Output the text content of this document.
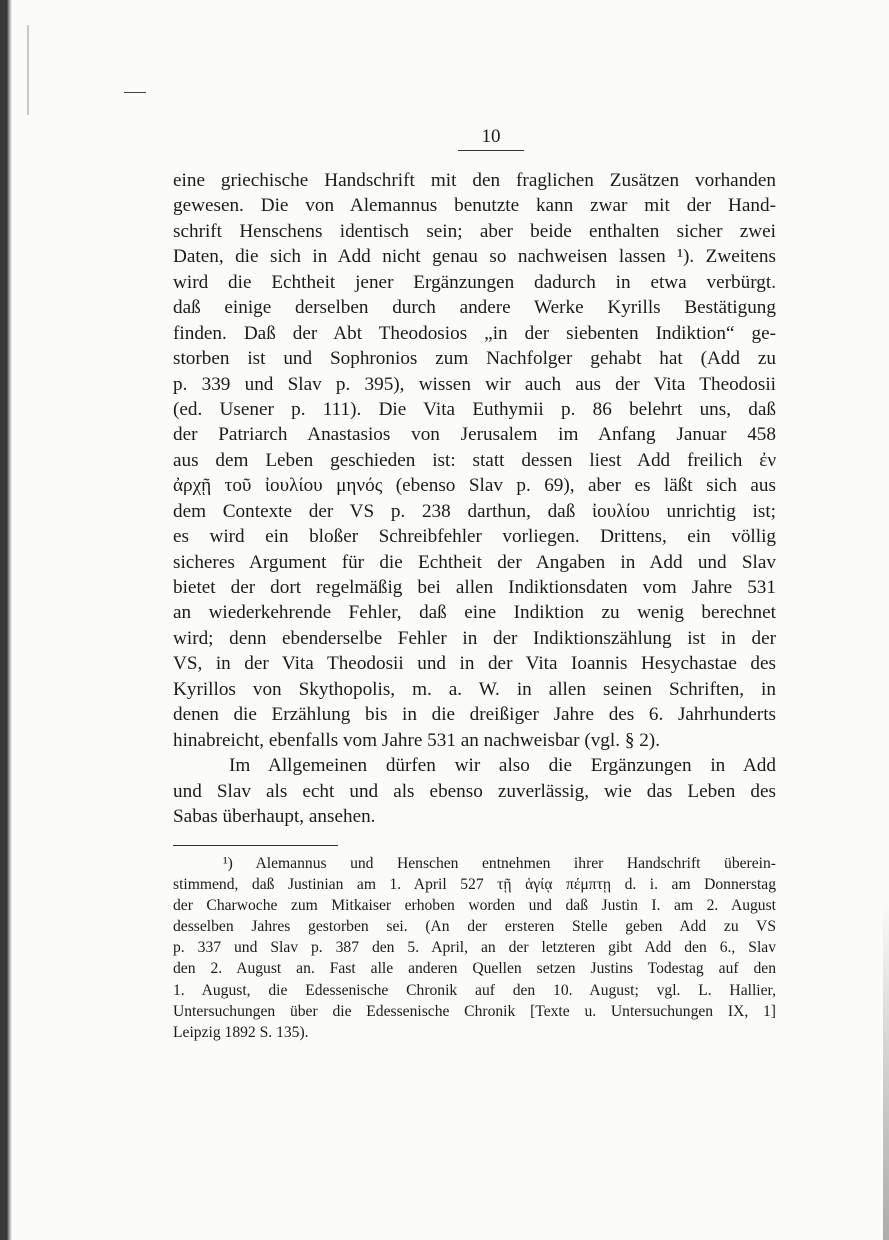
10
eine griechische Handschrift mit den fraglichen Zusätzen vorhanden
gewesen. Die von Alemannus benutzte kann zwar mit der Hand-
schrift Henschens identisch sein; aber beide enthalten sicher zwei
Daten, die sich in Add nicht genau so nachweisen lassen ¹). Zweitens
wird die Echtheit jener Ergänzungen dadurch in etwa verbürgt.
daß einige derselben durch andere Werke Kyrills Bestätigung
finden. Daß der Abt Theodosios „in der siebenten Indiktion“ ge-
storben ist und Sophronios zum Nachfolger gehabt hat (Add zu
p. 339 und Slav p. 395), wissen wir auch aus der Vita Theodosii
(ed. Usener p. 111). Die Vita Euthymii p. 86 belehrt uns, daß
der Patriarch Anastasios von Jerusalem im Anfang Januar 458
aus dem Leben geschieden ist: statt dessen liest Add freilich ἐν
ἀρχῇ τοῦ ἰουλίου μηνός (ebenso Slav p. 69), aber es läßt sich aus
dem Contexte der VS p. 238 darthun, daß ἰουλίου unrichtig ist;
es wird ein bloßer Schreibfehler vorliegen. Drittens, ein völlig
sicheres Argument für die Echtheit der Angaben in Add und Slav
bietet der dort regelmäßig bei allen Indiktionsdaten vom Jahre 531
an wiederkehrende Fehler, daß eine Indiktion zu wenig berechnet
wird; denn ebenderselbe Fehler in der Indiktionszählung ist in der
VS, in der Vita Theodosii und in der Vita Ioannis Hesychastae des
Kyrillos von Skythopolis, m. a. W. in allen seinen Schriften, in
denen die Erzählung bis in die dreißiger Jahre des 6. Jahrhunderts
hinabreicht, ebenfalls vom Jahre 531 an nachweisbar (vgl. § 2).
Im Allgemeinen dürfen wir also die Ergänzungen in Add
und Slav als echt und als ebenso zuverlässig, wie das Leben des
Sabas überhaupt, ansehen.
¹) Alemannus und Henschen entnehmen ihrer Handschrift überein-
stimmend, daß Justinian am 1. April 527 τῇ ἁγίᾳ πέμπτῃ d. i. am Donnerstag
der Charwoche zum Mitkaiser erhoben worden und daß Justin I. am 2. August
desselben Jahres gestorben sei. (An der ersteren Stelle geben Add zu VS
p. 337 und Slav p. 387 den 5. April, an der letzteren gibt Add den 6., Slav
den 2. August an. Fast alle anderen Quellen setzen Justins Todestag auf den
1. August, die Edessenische Chronik auf den 10. August; vgl. L. Hallier,
Untersuchungen über die Edessenische Chronik [Texte u. Untersuchungen IX, 1]
Leipzig 1892 S. 135).
